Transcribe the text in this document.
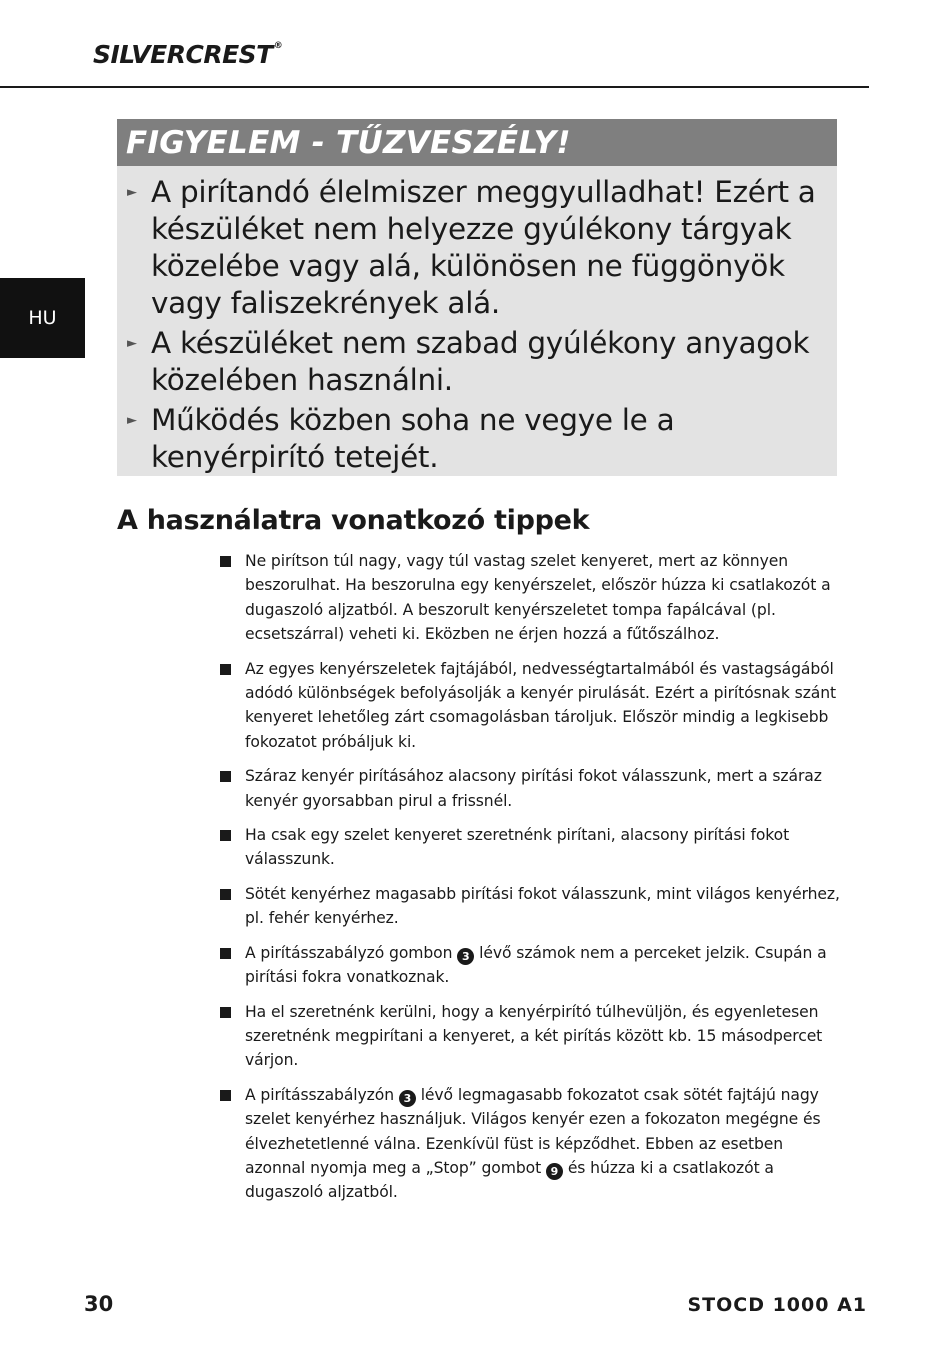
SILVERCREST®
HU
FIGYELEM - TŰZVESZÉLY!
► A pirítandó élelmiszer meggyulladhat! Ezért a készüléket nem helyezze gyúlékony tárgyak közelébe vagy alá, különösen ne függönyök vagy faliszekrények alá.
► A készüléket nem szabad gyúlékony anyagok közelében használni.
► Működés közben soha ne vegye le a kenyérpirító tetejét.
A használatra vonatkozó tippek
Ne pirítson túl nagy, vagy túl vastag szelet kenyeret, mert az könnyen beszorulhat. Ha beszorulna egy kenyérszelet, először húzza ki csatlakozót a dugaszoló aljzatból. A beszorult kenyérszeletet tompa fapálcával (pl. ecsetszárral) veheti ki. Eközben ne érjen hozzá a fűtőszálhoz.
Az egyes kenyérszeletek fajtájából, nedvességtartalmából és vastagságából adódó különbségek befolyásolják a kenyér pirulását. Ezért a pirítósnak szánt kenyeret lehetőleg zárt csomagolásban tároljuk. Először mindig a legkisebb fokozatot próbáljuk ki.
Száraz kenyér pirításához alacsony pirítási fokot válasszunk, mert a száraz kenyér gyorsabban pirul a frissnél.
Ha csak egy szelet kenyeret szeretnénk pirítani, alacsony pirítási fokot válasszunk.
Sötét kenyérhez magasabb pirítási fokot válasszunk, mint világos kenyérhez, pl. fehér kenyérhez.
A pirításszabályzó gombon 3 lévő számok nem a perceket jelzik. Csupán a pirítási fokra vonatkoznak.
Ha el szeretnénk kerülni, hogy a kenyérpirító túlhevüljön, és egyenletesen szeretnénk megpirítani a kenyeret, a két pirítás között kb. 15 másodpercet várjon.
A pirításszabályzón 3 lévő legmagasabb fokozatot csak sötét fajtájú nagy szelet kenyérhez használjuk. Világos kenyér ezen a fokozaton megégne és élvezhetetlenné válna. Ezenkívül füst is képződhet. Ebben az esetben azonnal nyomja meg a „Stop” gombot 9 és húzza ki a csatlakozót a dugaszoló aljzatból.
30	STOCD 1000 A1
